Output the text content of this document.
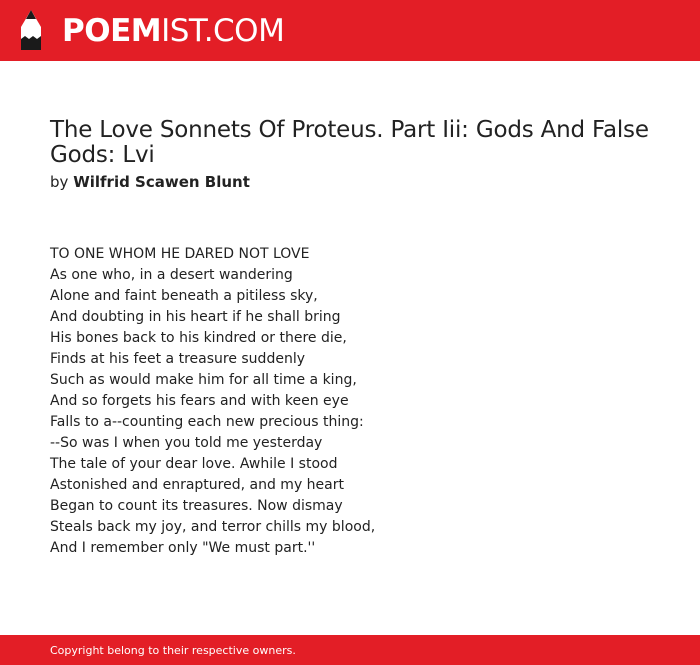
POEMIST.COM
The Love Sonnets Of Proteus. Part Iii: Gods And False Gods: Lvi
by Wilfrid Scawen Blunt
TO ONE WHOM HE DARED NOT LOVE
As one who, in a desert wandering
Alone and faint beneath a pitiless sky,
And doubting in his heart if he shall bring
His bones back to his kindred or there die,
Finds at his feet a treasure suddenly
Such as would make him for all time a king,
And so forgets his fears and with keen eye
Falls to a--counting each new precious thing:
--So was I when you told me yesterday
The tale of your dear love. Awhile I stood
Astonished and enraptured, and my heart
Began to count its treasures. Now dismay
Steals back my joy, and terror chills my blood,
And I remember only "We must part.''
Copyright belong to their respective owners.
